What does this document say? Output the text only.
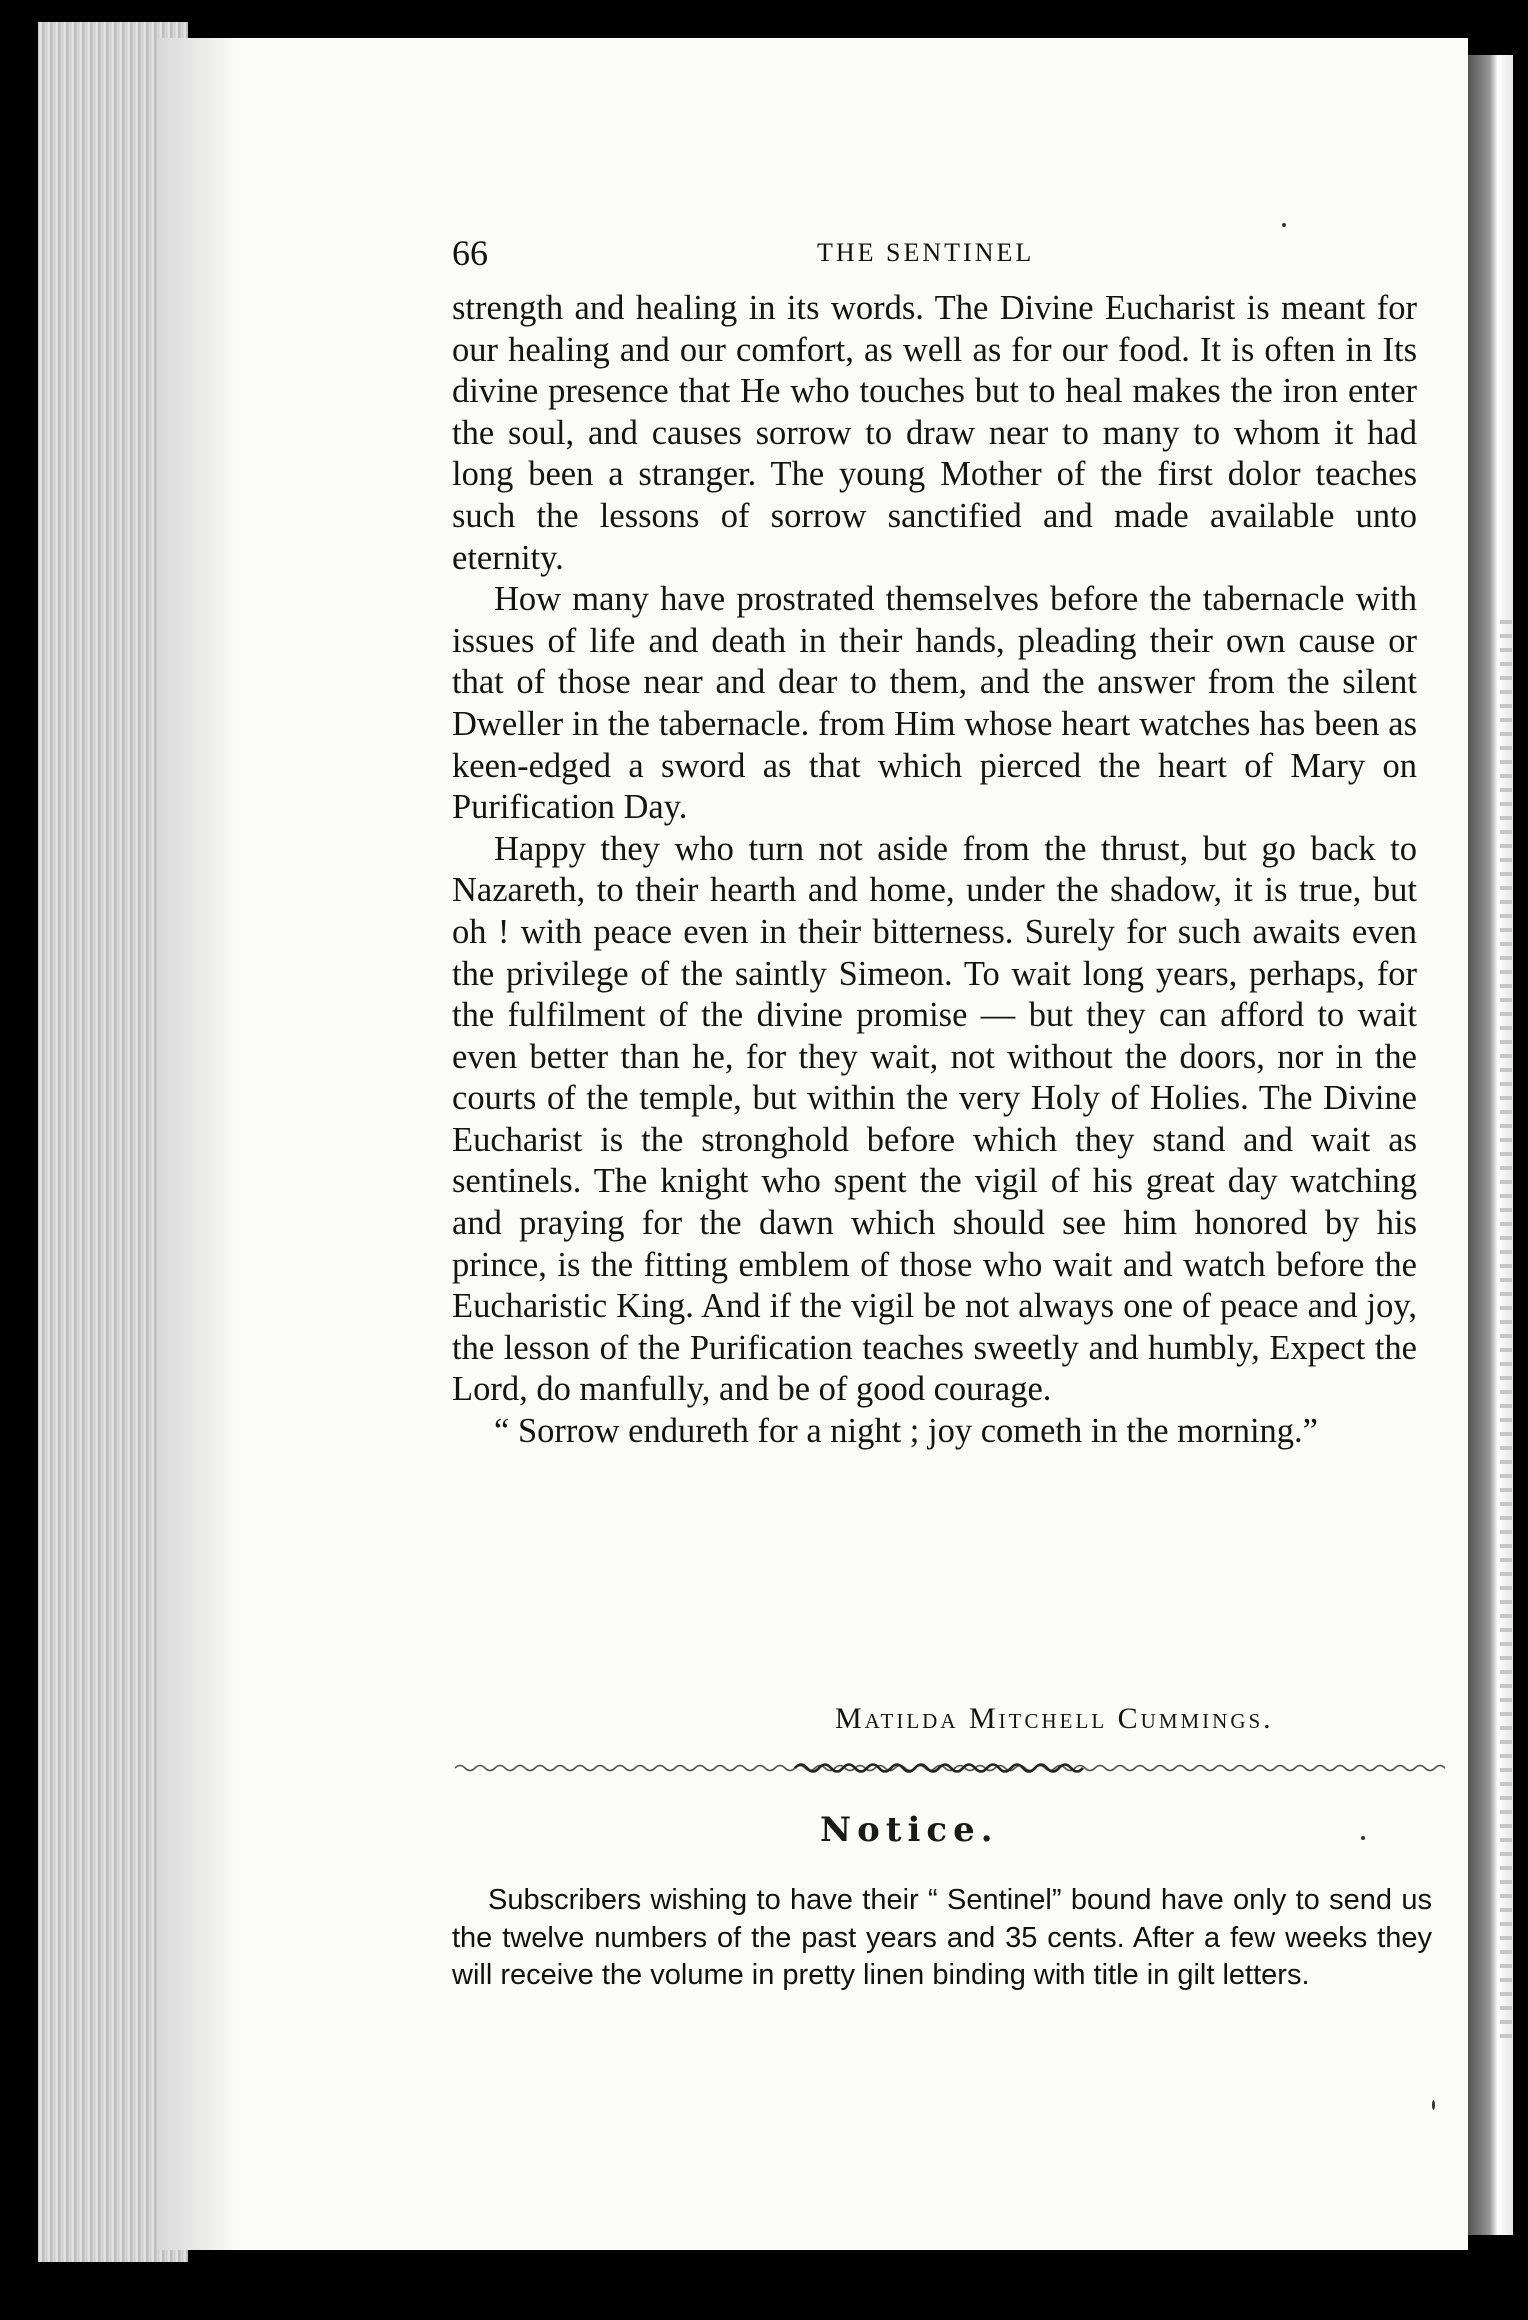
66	THE SENTINEL

strength and healing in its words. The Divine Eucharist is meant for our healing and our comfort, as well as for our food. It is often in Its divine presence that He who touches but to heal makes the iron enter the soul, and causes sorrow to draw near to many to whom it had long been a stranger. The young Mother of the first dolor teaches such the lessons of sorrow sanctified and made available unto eternity.

How many have prostrated themselves before the tabernacle with issues of life and death in their hands, pleading their own cause or that of those near and dear to them, and the answer from the silent Dweller in the tabernacle. from Him whose heart watches has been as keen-edged a sword as that which pierced the heart of Mary on Purification Day.

Happy they who turn not aside from the thrust, but go back to Nazareth, to their hearth and home, under the shadow, it is true, but oh ! with peace even in their bitterness. Surely for such awaits even the privilege of the saintly Simeon. To wait long years, perhaps, for the fulfilment of the divine promise — but they can afford to wait even better than he, for they wait, not without the doors, nor in the courts of the temple, but within the very Holy of Holies. The Divine Eucharist is the stronghold before which they stand and wait as sentinels. The knight who spent the vigil of his great day watching and praying for the dawn which should see him honored by his prince, is the fitting emblem of those who wait and watch before the Eucharistic King. And if the vigil be not always one of peace and joy, the lesson of the Purification teaches sweetly and humbly, Expect the Lord, do manfully, and be of good courage.

“ Sorrow endureth for a night ; joy cometh in the morning.”

Matilda Mitchell Cummings.
Notice.

Subscribers wishing to have their “ Sentinel” bound have only to send us the twelve numbers of the past years and 35 cents. After a few weeks they will receive the volume in pretty linen binding with title in gilt letters.
